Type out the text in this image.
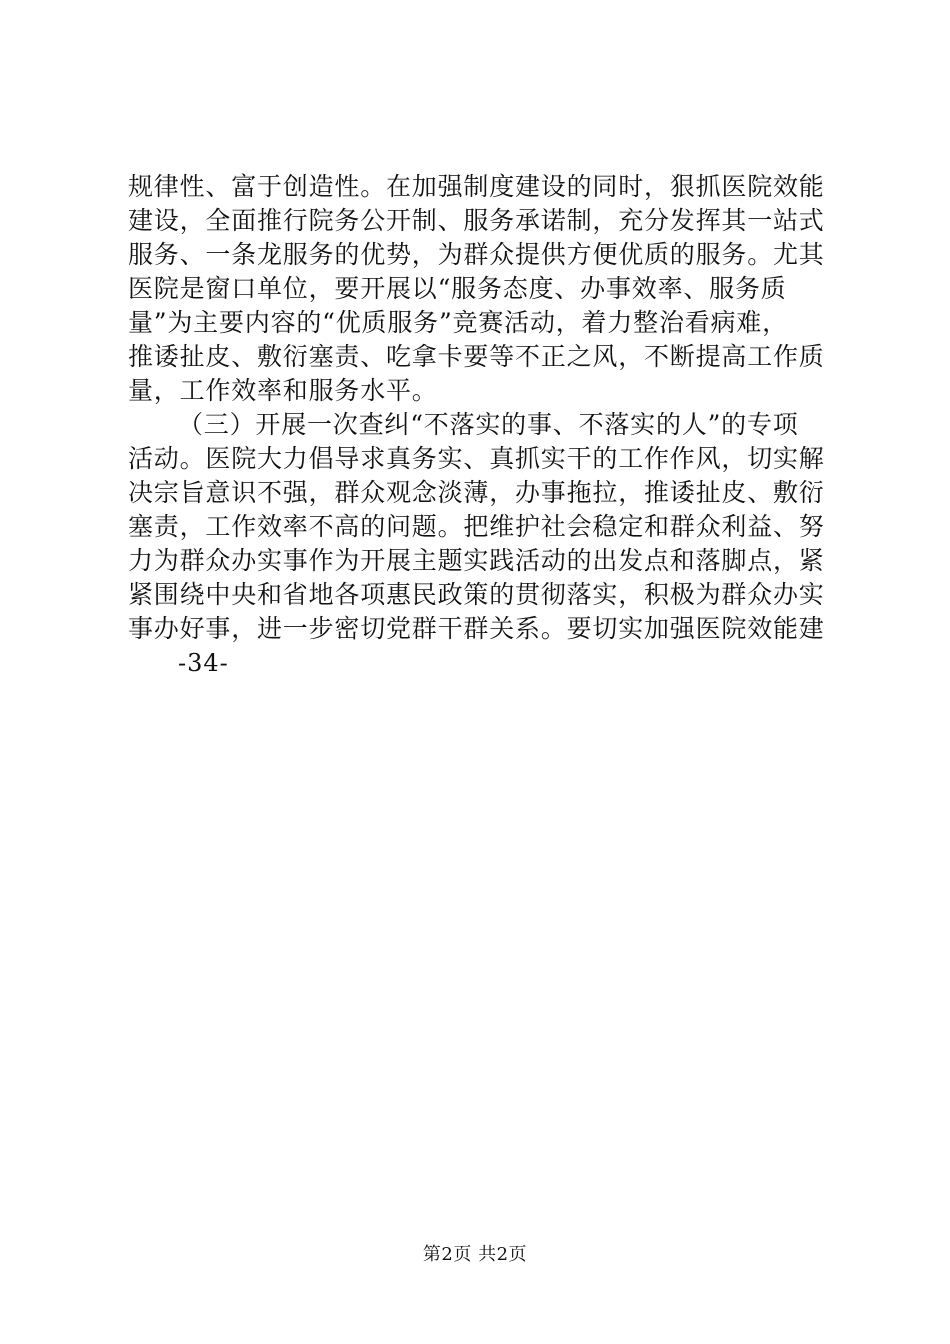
规律性、富于创造性。在加强制度建设的同时，狠抓医院效能
建设，全面推行院务公开制、服务承诺制，充分发挥其一站式
服务、一条龙服务的优势，为群众提供方便优质的服务。尤其
医院是窗口单位，要开展以“服务态度、办事效率、服务质
量”为主要内容的“优质服务”竞赛活动，着力整治看病难，
推诿扯皮、敷衍塞责、吃拿卡要等不正之风，不断提高工作质
量，工作效率和服务水平。
（三）开展一次查纠“不落实的事、不落实的人”的专项
活动。医院大力倡导求真务实、真抓实干的工作作风，切实解
决宗旨意识不强，群众观念淡薄，办事拖拉，推诿扯皮、敷衍
塞责，工作效率不高的问题。把维护社会稳定和群众利益、努
力为群众办实事作为开展主题实践活动的出发点和落脚点，紧
紧围绕中央和省地各项惠民政策的贯彻落实，积极为群众办实
事办好事，进一步密切党群干群关系。要切实加强医院效能建
-34-
第2页 共2页
